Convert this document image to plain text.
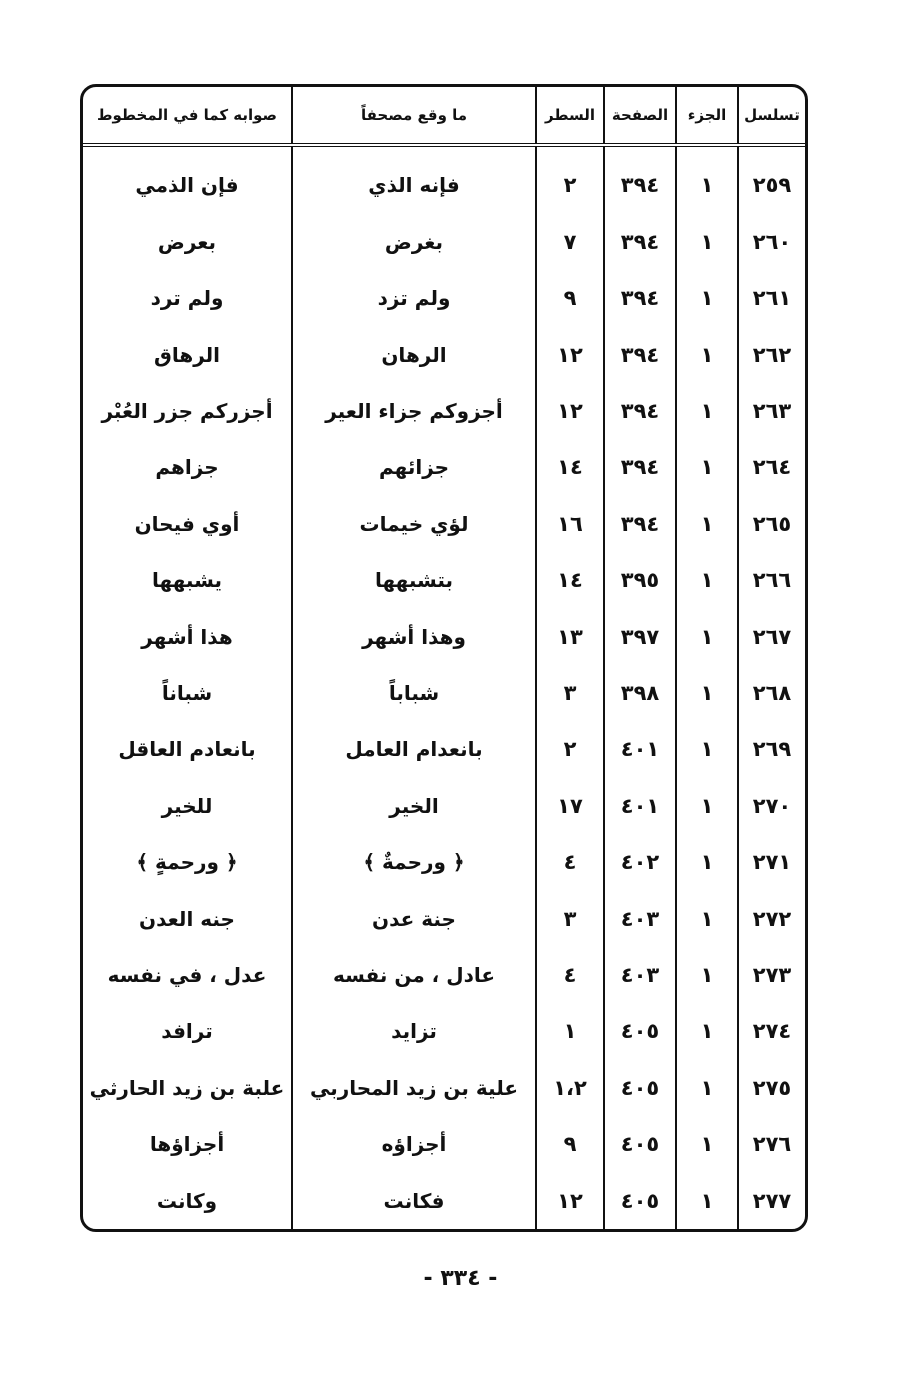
تسلسل	الجزء	الصفحة	السطر	ما وقع مصحفاً	صوابه كما في المخطوط
٢٥٩	١	٣٩٤	٢	فإنه الذي	فإن الذمي
٢٦٠	١	٣٩٤	٧	بغرض	بعرض
٢٦١	١	٣٩٤	٩	ولم تزد	ولم ترد
٢٦٢	١	٣٩٤	١٢	الرهان	الرهاق
٢٦٣	١	٣٩٤	١٢	أجزوكم جزاء العير	أجزركم جزر العُبْر
٢٦٤	١	٣٩٤	١٤	جزائهم	جزاهم
٢٦٥	١	٣٩٤	١٦	لؤي خيمات	أوي فيحان
٢٦٦	١	٣٩٥	١٤	بتشبهها	يشبهها
٢٦٧	١	٣٩٧	١٣	وهذا أشهر	هذا أشهر
٢٦٨	١	٣٩٨	٣	شباباً	شباناً
٢٦٩	١	٤٠١	٢	بانعدام العامل	بانعادم العاقل
٢٧٠	١	٤٠١	١٧	الخير	للخير
٢٧١	١	٤٠٢	٤	﴿ ورحمةٌ ﴾	﴿ ورحمةٍ ﴾
٢٧٢	١	٤٠٣	٣	جنة عدن	جنه العدن
٢٧٣	١	٤٠٣	٤	عادل ، من نفسه	عدل ، في نفسه
٢٧٤	١	٤٠٥	١	تزايد	ترافد
٢٧٥	١	٤٠٥	١،٢	علية بن زيد المحاربي	علبة بن زيد الحارثي
٢٧٦	١	٤٠٥	٩	أجزاؤه	أجزاؤها
٢٧٧	١	٤٠٥	١٢	فكانت	وكانت
- ٣٣٤ -
